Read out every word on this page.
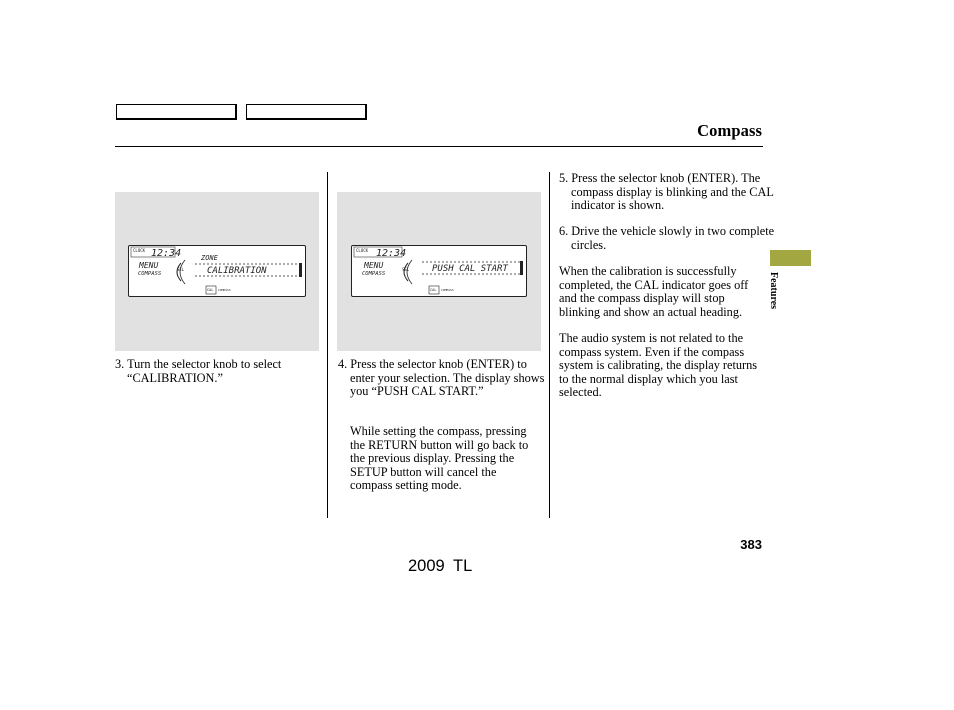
Compass
CLOCK 12:34
MENU
COMPASS
SEL
ZONE
CALIBRATION
CAL COMPASS
CLOCK 12:34
MENU
COMPASS
SEL	PUSH CAL START
CAL COMPASS

3. Turn the selector knob to select “CALIBRATION.”

4. Press the selector knob (ENTER) to enter your selection. The display shows you “PUSH CAL START.”

While setting the compass, pressing the RETURN button will go back to the previous display. Pressing the SETUP button will cancel the compass setting mode.

5. Press the selector knob (ENTER). The compass display is blinking and the CAL indicator is shown.

6. Drive the vehicle slowly in two complete circles.

When the calibration is successfully completed, the CAL indicator goes off and the compass display will stop blinking and show an actual heading.

The audio system is not related to the compass system. Even if the compass system is calibrating, the display returns to the normal display which you last selected.

Features
383
2009 TL
